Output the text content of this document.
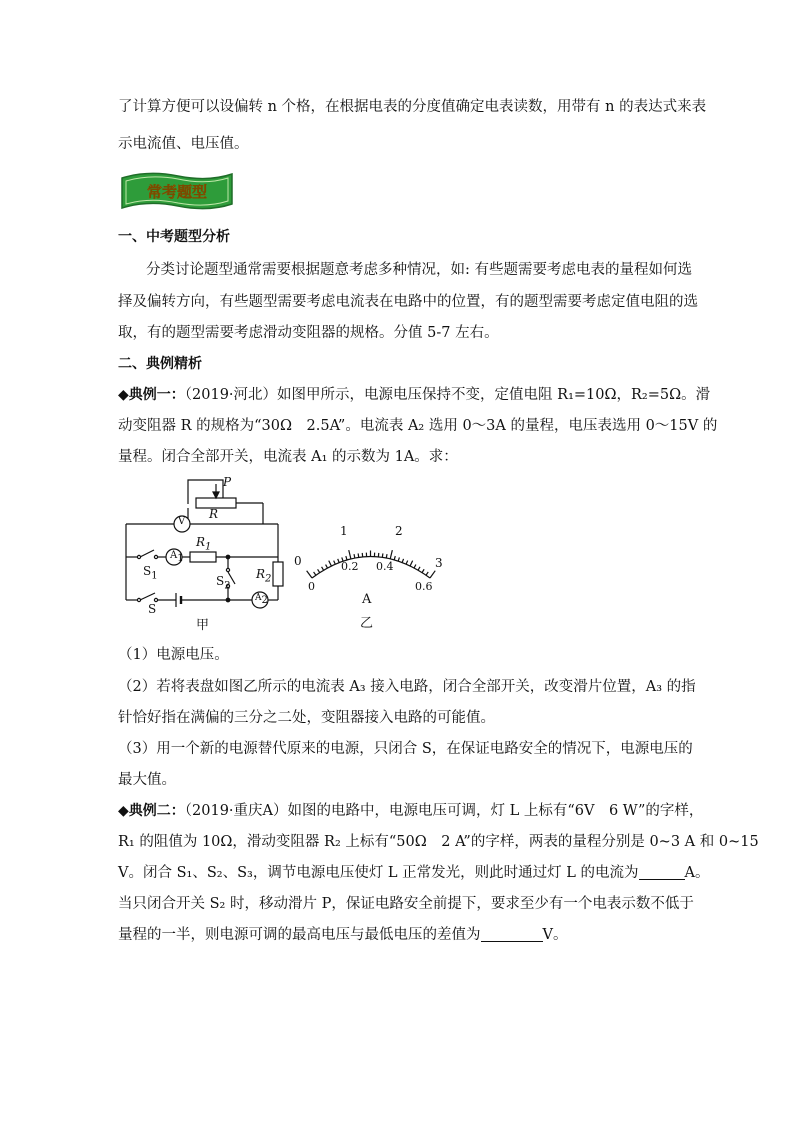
了计算方便可以设偏转 n 个格，在根据电表的分度值确定电表读数，用带有 n 的表达式来表
示电流值、电压值。
常考题型
一、中考题型分析
分类讨论题型通常需要根据题意考虑多种情况，如: 有些题需要考虑电表的量程如何选
择及偏转方向，有些题型需要考虑电流表在电路中的位置，有的题型需要考虑定值电阻的选
取，有的题型需要考虑滑动变阻器的规格。分值 5-7 左右。
二、典例精析
◆典例一：（2019·河北）如图甲所示，电源电压保持不变，定值电阻 R₁=10Ω，R₂=5Ω。滑
动变阻器 R 的规格为“30Ω　2.5A”。电流表 A₂ 选用 0～3A 的量程，电压表选用 0～15V 的
量程。闭合全部开关，电流表 A₁ 的示数为 1A。求：
P
R
V
$A_1$
$R_1$
$S_1$	$S_2$
$R_2$
S
$A_2$
甲
0
1	2
3
0
0.2 0.4
0.6
A
乙
（1）电源电压。
（2）若将表盘如图乙所示的电流表 A₃ 接入电路，闭合全部开关，改变滑片位置，A₃ 的指
针恰好指在满偏的三分之二处，变阻器接入电路的可能值。
（3）用一个新的电源替代原来的电源，只闭合 S，在保证电路安全的情况下，电源电压的
最大值。
◆典例二：（2019·重庆A）如图的电路中，电源电压可调，灯 L 上标有“6V　6 W”的字样，
R₁ 的阻值为 10Ω，滑动变阻器 R₂ 上标有“50Ω　2 A”的字样，两表的量程分别是 0~3 A 和 0~15
V。闭合 S₁、S₂、S₃，调节电源电压使灯 L 正常发光，则此时通过灯 L 的电流为	A。
当只闭合开关 S₂ 时，移动滑片 P，保证电路安全前提下，要求至少有一个电表示数不低于
量程的一半，则电源可调的最高电压与最低电压的差值为	V。
